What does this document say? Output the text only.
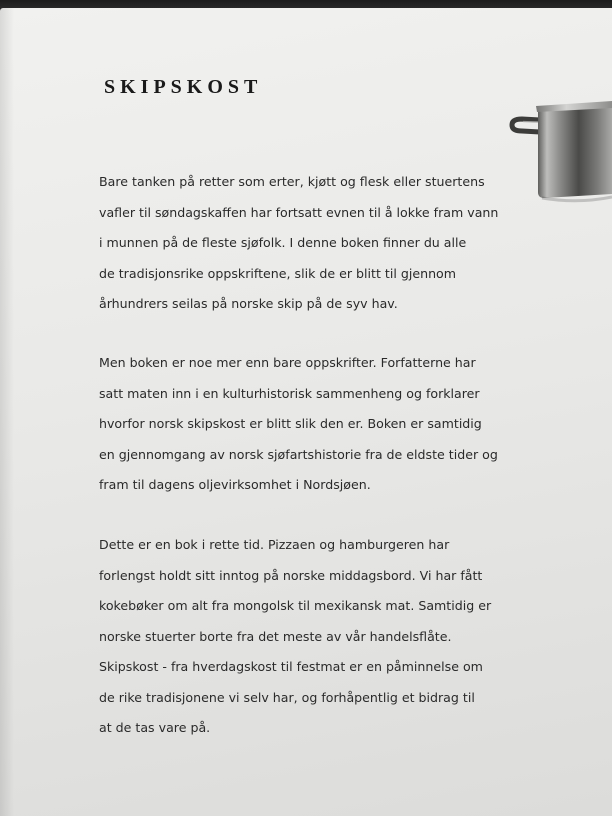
SKIPSKOST

Bare tanken på retter som erter, kjøtt og flesk eller stuertens
vafler til søndagskaffen har fortsatt evnen til å lokke fram vann
i munnen på de fleste sjøfolk. I denne boken finner du alle
de tradisjonsrike oppskriftene, slik de er blitt til gjennom
århundrers seilas på norske skip på de syv hav.

Men boken er noe mer enn bare oppskrifter. Forfatterne har
satt maten inn i en kulturhistorisk sammenheng og forklarer
hvorfor norsk skipskost er blitt slik den er. Boken er samtidig
en gjennomgang av norsk sjøfartshistorie fra de eldste tider og
fram til dagens oljevirksomhet i Nordsjøen.

Dette er en bok i rette tid. Pizzaen og hamburgeren har
forlengst holdt sitt inntog på norske middagsbord. Vi har fått
kokebøker om alt fra mongolsk til mexikansk mat. Samtidig er
norske stuerter borte fra det meste av vår handelsflåte.
Skipskost - fra hverdagskost til festmat er en påminnelse om
de rike tradisjonene vi selv har, og forhåpentlig et bidrag til
at de tas vare på.
